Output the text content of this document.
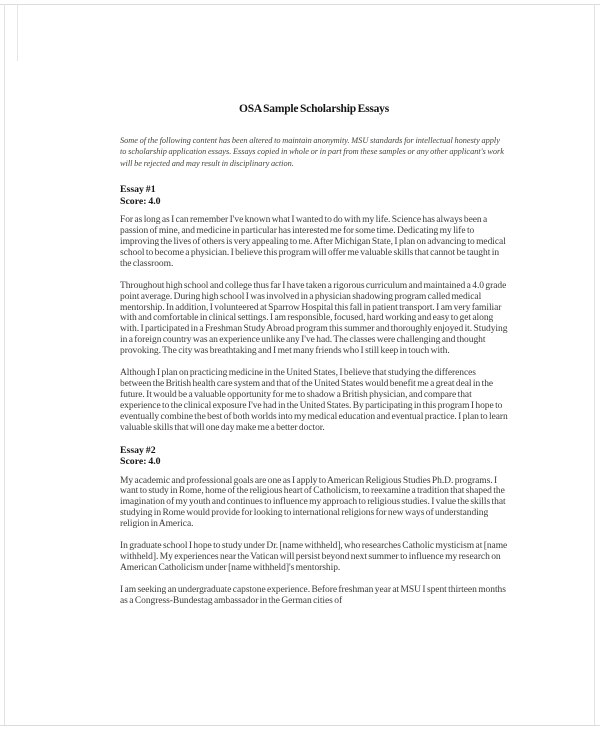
OSA Sample Scholarship Essays

Some of the following content has been altered to maintain anonymity. MSU standards for intellectual honesty apply to scholarship application essays. Essays copied in whole or in part from these samples or any other applicant's work will be rejected and may result in disciplinary action.

Essay #1
Score: 4.0

For as long as I can remember I've known what I wanted to do with my life. Science has always been a passion of mine, and medicine in particular has interested me for some time. Dedicating my life to improving the lives of others is very appealing to me. After Michigan State, I plan on advancing to medical school to become a physician. I believe this program will offer me valuable skills that cannot be taught in the classroom.

Throughout high school and college thus far I have taken a rigorous curriculum and maintained a 4.0 grade point average. During high school I was involved in a physician shadowing program called medical mentorship. In addition, I volunteered at Sparrow Hospital this fall in patient transport. I am very familiar with and comfortable in clinical settings. I am responsible, focused, hard working and easy to get along with. I participated in a Freshman Study Abroad program this summer and thoroughly enjoyed it. Studying in a foreign country was an experience unlike any I've had. The classes were challenging and thought provoking. The city was breathtaking and I met many friends who I still keep in touch with.

Although I plan on practicing medicine in the United States, I believe that studying the differences between the British health care system and that of the United States would benefit me a great deal in the future. It would be a valuable opportunity for me to shadow a British physician, and compare that experience to the clinical exposure I've had in the United States. By participating in this program I hope to eventually combine the best of both worlds into my medical education and eventual practice. I plan to learn valuable skills that will one day make me a better doctor.

Essay #2
Score: 4.0

My academic and professional goals are one as I apply to American Religious Studies Ph.D. programs. I want to study in Rome, home of the religious heart of Catholicism, to reexamine a tradition that shaped the imagination of my youth and continues to influence my approach to religious studies. I value the skills that studying in Rome would provide for looking to international religions for new ways of understanding religion in America.

In graduate school I hope to study under Dr. [name withheld], who researches Catholic mysticism at [name withheld]. My experiences near the Vatican will persist beyond next summer to influence my research on American Catholicism under [name withheld]'s mentorship.

I am seeking an undergraduate capstone experience. Before freshman year at MSU I spent thirteen months as a Congress-Bundestag ambassador in the German cities of
